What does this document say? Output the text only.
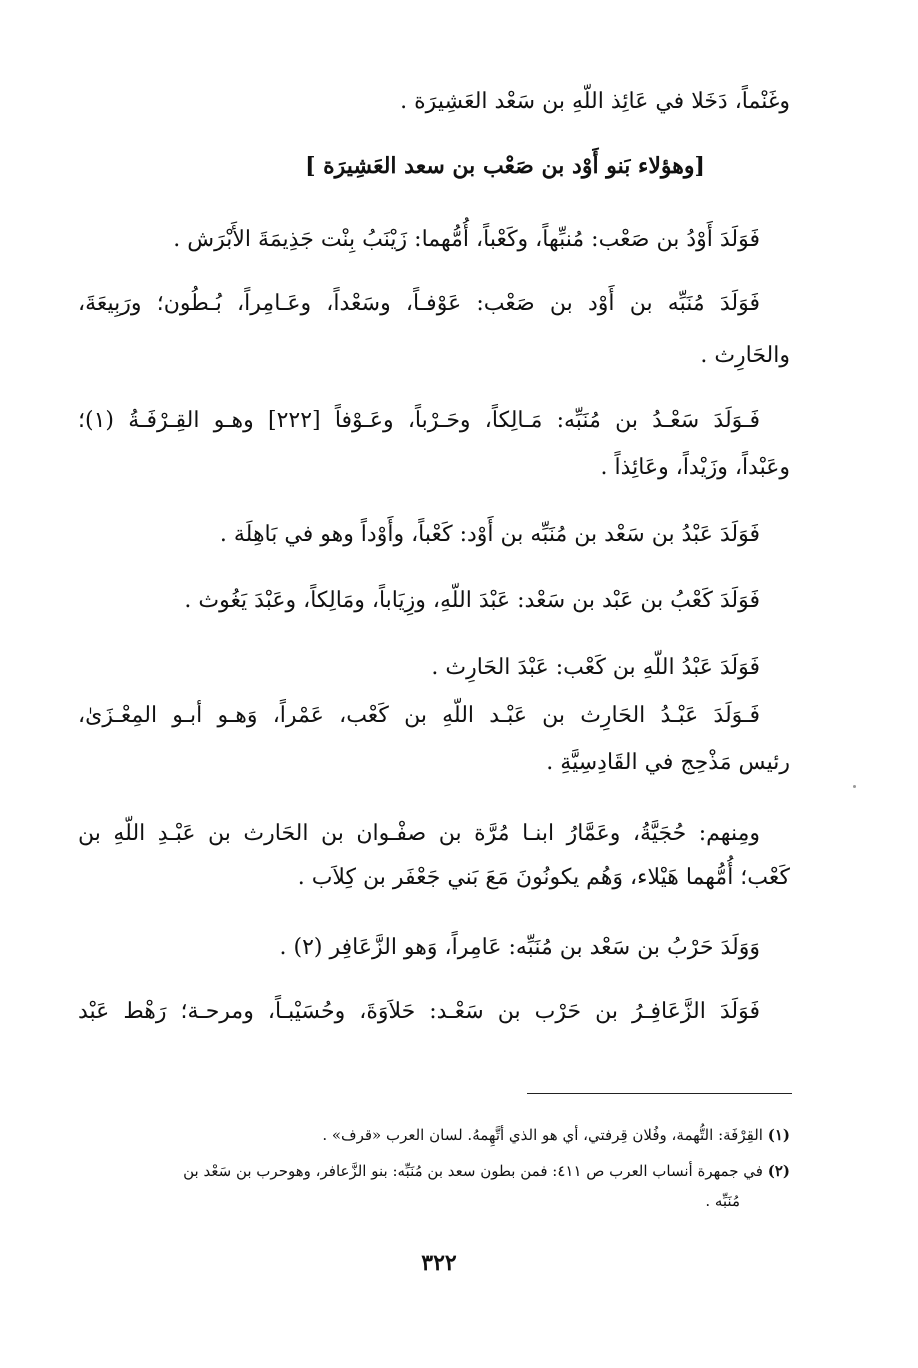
وغَنْماً، دَخَلا في عَائِذ اللّهِ بن سَعْد العَشِيرَة .
[وهؤلاء بَنو أَوْد بن صَعْب بن سعد العَشِيرَة ]
فَوَلَدَ أَوْدُ بن صَعْب: مُنبِّهاً، وكَعْباً، أُمُّهما: زَيْنَبُ بِنْت جَذِيمَةَ الأَبْرَش .
فَوَلَدَ مُنَبِّه بن أَوْد بن صَعْب: عَوْفـاً، وسَعْداً، وعَـامِراً، بُـطُون؛ ورَبِيعَةَ،
والحَارِث .
فَـوَلَدَ سَعْـدُ بن مُنَبِّه: مَـالِكاً، وحَـرْباً، وعَـوْفاً [٢٢٢] وهـو القِـرْفَـةُ (١)؛
وعَبْداً، وزَيْداً، وعَائِذاً .
فَوَلَدَ عَبْدُ بن سَعْد بن مُنَبِّه بن أَوْد: كَعْباً، وأَوْداً وهو في بَاهِلَة .
فَوَلَدَ كَعْبُ بن عَبْد بن سَعْد: عَبْدَ اللّهِ، وزِيَاباً، ومَالِكاً، وعَبْدَ يَغُوث .
فَوَلَدَ عَبْدُ اللّهِ بن كَعْب: عَبْدَ الحَارِث .
فَـوَلَدَ عَبْـدُ الحَارِث بن عَبْـد اللّهِ بن كَعْب، عَمْراً، وَهـو أبـو المِعْـزَىٰ،
رئيس مَذْحِج في القَادِسِيَّةِ .
ومِنهم: حُجَيَّةُ، وعَمَّارُ ابنـا مُرَّة بن صفْـوان بن الحَارث بن عَبْـدِ اللّهِ بن
كَعْب؛ أُمُّهما هَيْلاء، وَهُم يكونُونَ مَعَ بَني جَعْفَر بن كِلاَب .
وَوَلَدَ حَرْبُ بن سَعْد بن مُنَبِّه: عَامِراً، وَهو الزَّعَافِر (٢) .
فَوَلَدَ الزَّعَافِـرُ بن حَرْب بن سَعْـد: حَلاَوَةَ، وحُسَيْبـاً، ومرحـة؛ رَهْط عَبْد
(١) القِرْفَة: التُّهمة، وفُلان قِرفتي، أي هو الذي أتَّهِمهُ. لسان العرب «قرف» .
(٢) في جمهرة أنساب العرب ص ٤١١: فمن بطون سعد بن مُنَبِّه: بنو الزَّعافر، وهوحرب بن سَعْد بن
مُنَبِّه .
٣٢٢
